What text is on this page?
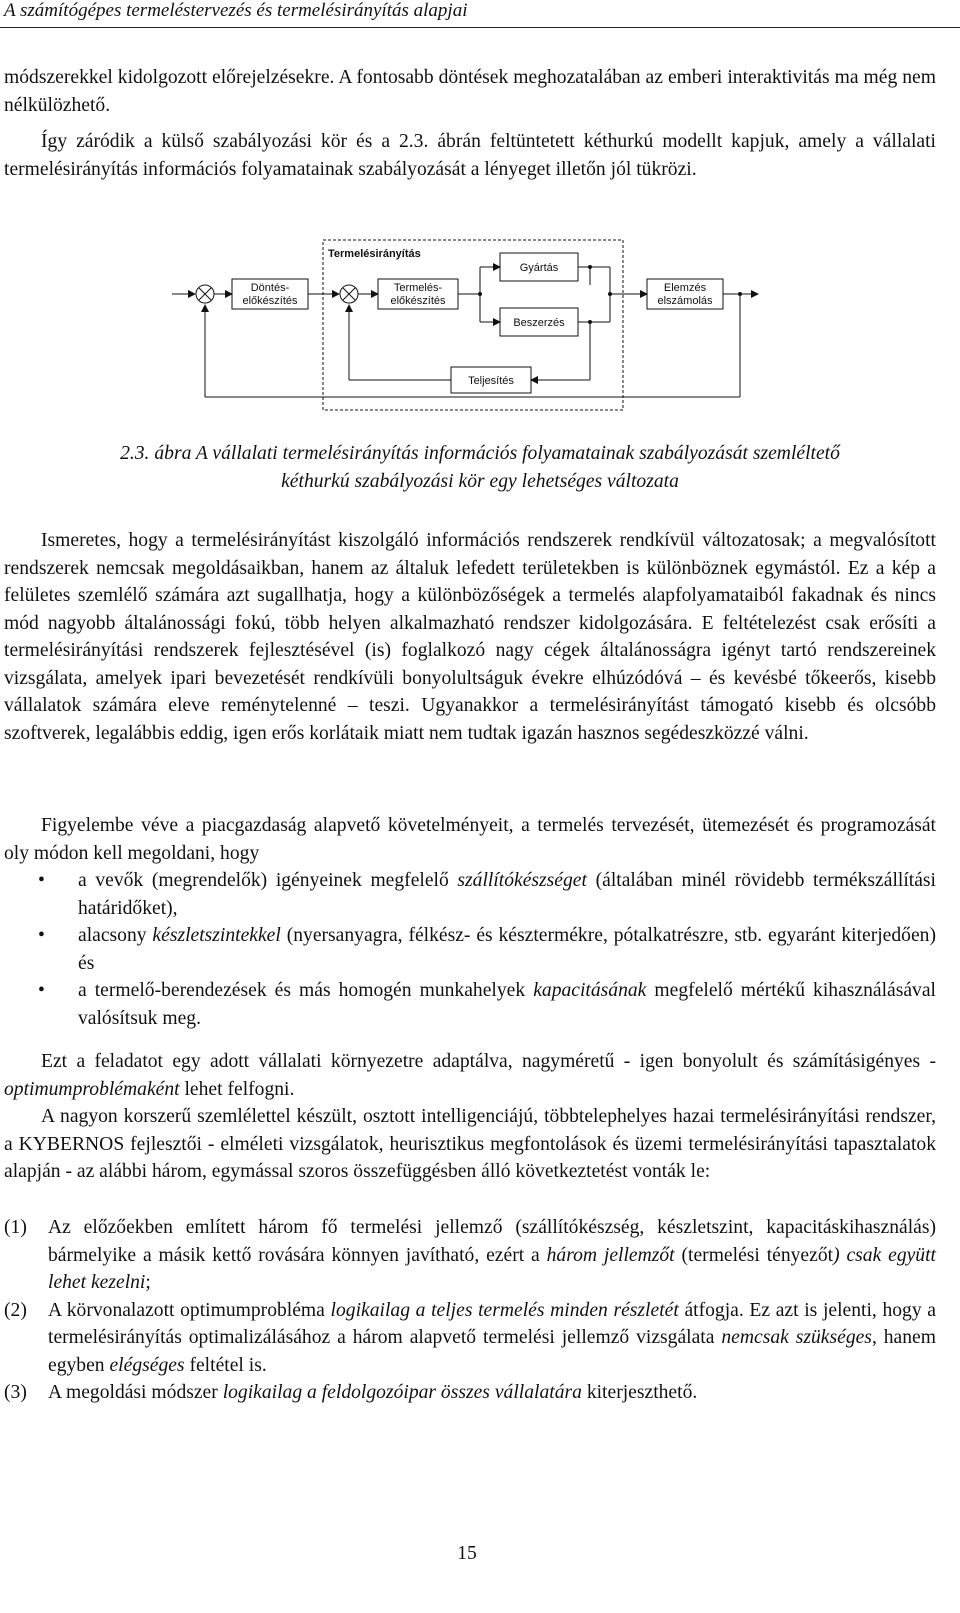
A számítógépes termeléstervezés és termelésirányítás alapjai

módszerekkel kidolgozott előrejelzésekre. A fontosabb döntések meghozatalában az emberi interaktivitás ma még nem nélkülözhető.

Így záródik a külső szabályozási kör és a 2.3. ábrán feltüntetett kéthurkú modellt kapjuk, amely a vállalati termelésirányítás információs folyamatainak szabályozását a lényeget illetőn jól tükrözi.

Termelésirányítás
Döntés-
előkészítés
Termelés-
előkészítés
Gyártás
Beszerzés
Elemzés
elszámolás
Teljesítés
2.3. ábra A vállalati termelésirányítás információs folyamatainak szabályozását szemléltető
kéthurkú szabályozási kör egy lehetséges változata

Ismeretes, hogy a termelésirányítást kiszolgáló információs rendszerek rendkívül változatosak; a megvalósított rendszerek nemcsak megoldásaikban, hanem az általuk lefedett területekben is különböznek egymástól. Ez a kép a felületes szemlélő számára azt sugallhatja, hogy a különbözőségek a termelés alapfolyamataiból fakadnak és nincs mód nagyobb általánossági fokú, több helyen alkalmazható rendszer kidolgozására. E feltételezést csak erősíti a termelésirányítási rendszerek fejlesztésével (is) foglalkozó nagy cégek általánosságra igényt tartó rendszereinek vizsgálata, amelyek ipari bevezetését rendkívüli bonyolultságuk évekre elhúzódóvá – és kevésbé tőkeerős, kisebb vállalatok számára eleve reménytelenné – teszi. Ugyanakkor a termelésirányítást támogató kisebb és olcsóbb szoftverek, legalábbis eddig, igen erős korlátaik miatt nem tudtak igazán hasznos segédeszközzé válni.

Figyelembe véve a piacgazdaság alapvető követelményeit, a termelés tervezését, ütemezését és programozását oly módon kell megoldani, hogy

• a vevők (megrendelők) igényeinek megfelelő szállítókészséget (általában minél rövidebb termékszállítási határidőket),
• alacsony készletszintekkel (nyersanyagra, félkész- és késztermékre, pótalkatrészre, stb. egyaránt kiterjedően) és
• a termelő-berendezések és más homogén munkahelyek kapacitásának megfelelő mértékű kihasználásával valósítsuk meg.

Ezt a feladatot egy adott vállalati környezetre adaptálva, nagyméretű - igen bonyolult és számításigényes - optimumproblémaként lehet felfogni.

A nagyon korszerű szemlélettel készült, osztott intelligenciájú, többtelephelyes hazai termelésirányítási rendszer, a KYBERNOS fejlesztői - elméleti vizsgálatok, heurisztikus megfontolások és üzemi termelésirányítási tapasztalatok alapján - az alábbi három, egymással szoros összefüggésben álló következtetést vonták le:

(1) Az előzőekben említett három fő termelési jellemző (szállítókészség, készletszint, kapacitáskihasználás) bármelyike a másik kettő rovására könnyen javítható, ezért a három jellemzőt (termelési tényezőt) csak együtt lehet kezelni;
(2) A körvonalazott optimumprobléma logikailag a teljes termelés minden részletét átfogja. Ez azt is jelenti, hogy a termelésirányítás optimalizálásához a három alapvető termelési jellemző vizsgálata nemcsak szükséges, hanem egyben elégséges feltétel is.
(3) A megoldási módszer logikailag a feldolgozóipar összes vállalatára kiterjeszthető.
15
